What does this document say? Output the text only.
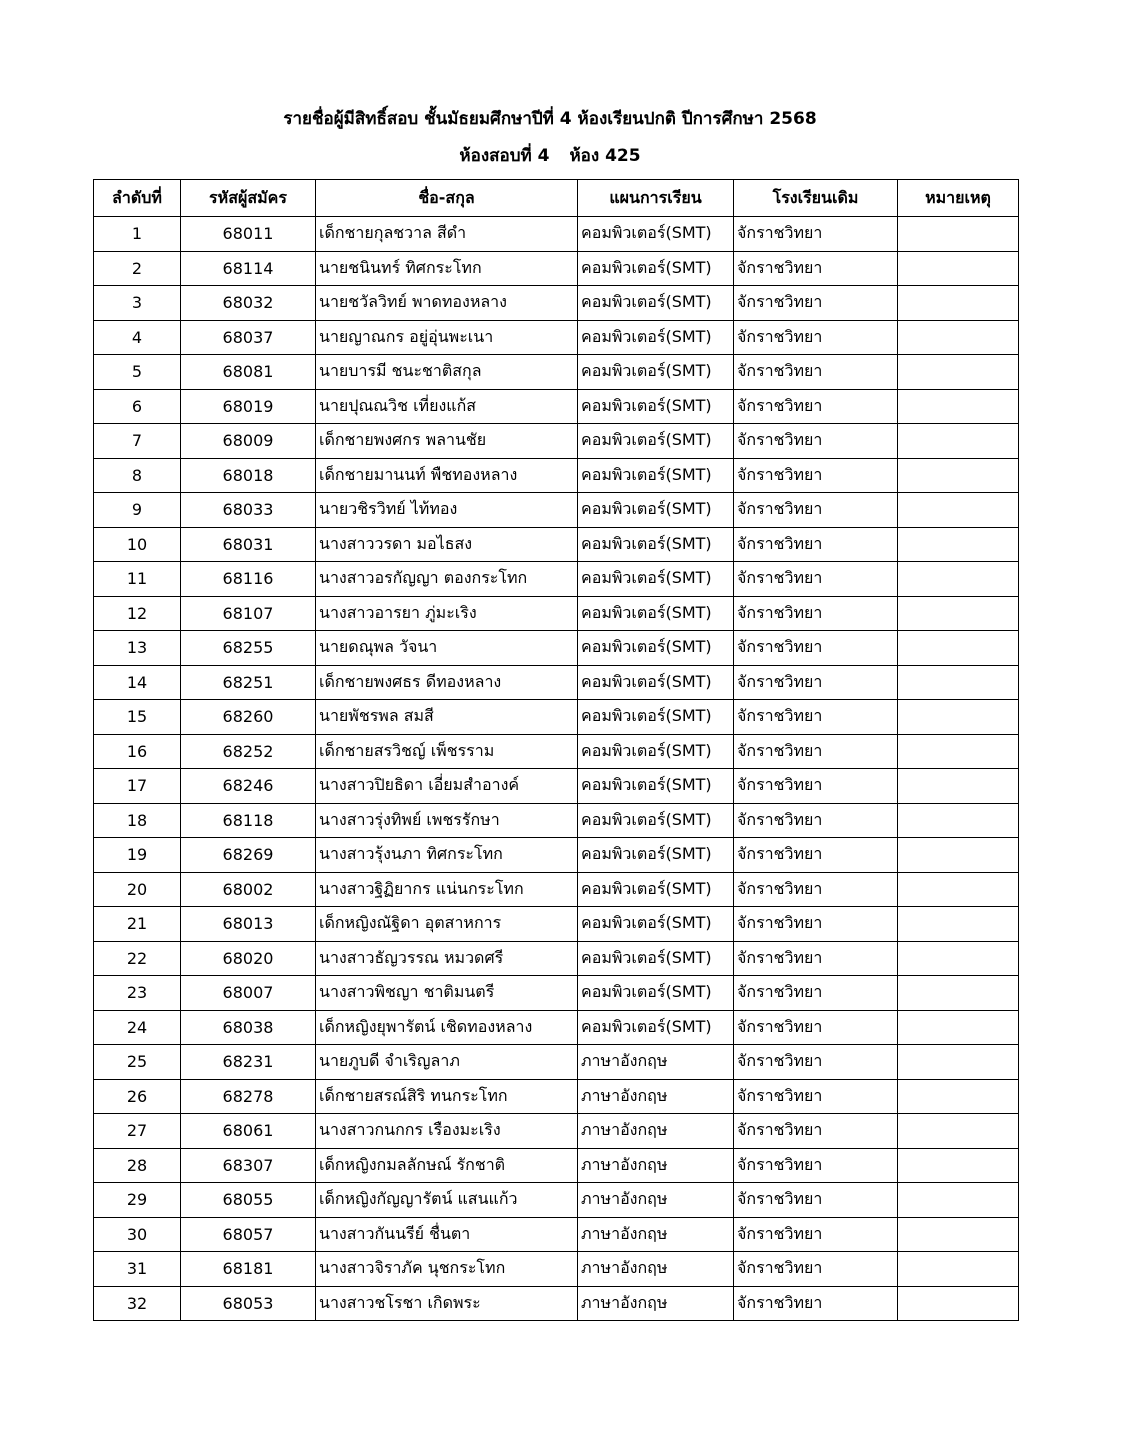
รายชื่อผู้มีสิทธิ์สอบ ชั้นมัธยมศึกษาปีที่ 4 ห้องเรียนปกติ ปีการศึกษา 2568
ห้องสอบที่ 4 ห้อง 425
ลำดับที่	รหัสผู้สมัคร	ชื่อ-สกุล	แผนการเรียน	โรงเรียนเดิม	หมายเหตุ
1	68011	เด็กชายกุลชวาล สีดำ	คอมพิวเตอร์(SMT)	จักราชวิทยา	
2	68114	นายชนินทร์ ทิศกระโทก	คอมพิวเตอร์(SMT)	จักราชวิทยา	
3	68032	นายชวัลวิทย์ พาดทองหลาง	คอมพิวเตอร์(SMT)	จักราชวิทยา	
4	68037	นายญาณกร อยู่อุ่นพะเนา	คอมพิวเตอร์(SMT)	จักราชวิทยา	
5	68081	นายบารมี ชนะชาติสกุล	คอมพิวเตอร์(SMT)	จักราชวิทยา	
6	68019	นายปุณณวิช เที่ยงแก้ส	คอมพิวเตอร์(SMT)	จักราชวิทยา	
7	68009	เด็กชายพงศกร พลานชัย	คอมพิวเตอร์(SMT)	จักราชวิทยา	
8	68018	เด็กชายมานนท์ พืชทองหลาง	คอมพิวเตอร์(SMT)	จักราชวิทยา	
9	68033	นายวชิรวิทย์ ไท้ทอง	คอมพิวเตอร์(SMT)	จักราชวิทยา	
10	68031	นางสาววรดา มอไธสง	คอมพิวเตอร์(SMT)	จักราชวิทยา	
11	68116	นางสาวอรกัญญา ตองกระโทก	คอมพิวเตอร์(SMT)	จักราชวิทยา	
12	68107	นางสาวอารยา ภู่มะเริง	คอมพิวเตอร์(SMT)	จักราชวิทยา	
13	68255	นายดณุพล วัจนา	คอมพิวเตอร์(SMT)	จักราชวิทยา	
14	68251	เด็กชายพงศธร ดีทองหลาง	คอมพิวเตอร์(SMT)	จักราชวิทยา	
15	68260	นายพัชรพล สมสี	คอมพิวเตอร์(SMT)	จักราชวิทยา	
16	68252	เด็กชายสรวิชญ์ เพ็ชรราม	คอมพิวเตอร์(SMT)	จักราชวิทยา	
17	68246	นางสาวปิยธิดา เอี่ยมสำอางค์	คอมพิวเตอร์(SMT)	จักราชวิทยา	
18	68118	นางสาวรุ่งทิพย์ เพชรรักษา	คอมพิวเตอร์(SMT)	จักราชวิทยา	
19	68269	นางสาวรุ้งนภา ทิศกระโทก	คอมพิวเตอร์(SMT)	จักราชวิทยา	
20	68002	นางสาวฐิฏิยากร แน่นกระโทก	คอมพิวเตอร์(SMT)	จักราชวิทยา	
21	68013	เด็กหญิงณัฐิดา อุตสาหการ	คอมพิวเตอร์(SMT)	จักราชวิทยา	
22	68020	นางสาวธัญวรรณ หมวดศรี	คอมพิวเตอร์(SMT)	จักราชวิทยา	
23	68007	นางสาวพิชญา ชาติมนตรี	คอมพิวเตอร์(SMT)	จักราชวิทยา	
24	68038	เด็กหญิงยุพารัตน์ เชิดทองหลาง	คอมพิวเตอร์(SMT)	จักราชวิทยา	
25	68231	นายภูบดี จำเริญลาภ	ภาษาอังกฤษ	จักราชวิทยา	
26	68278	เด็กชายสรณ์สิริ ทนกระโทก	ภาษาอังกฤษ	จักราชวิทยา	
27	68061	นางสาวกนกกร เรืองมะเริง	ภาษาอังกฤษ	จักราชวิทยา	
28	68307	เด็กหญิงกมลลักษณ์ รักชาติ	ภาษาอังกฤษ	จักราชวิทยา	
29	68055	เด็กหญิงกัญญารัตน์ แสนแก้ว	ภาษาอังกฤษ	จักราชวิทยา	
30	68057	นางสาวกันนรีย์ ชื่นตา	ภาษาอังกฤษ	จักราชวิทยา	
31	68181	นางสาวจิราภัค นุชกระโทก	ภาษาอังกฤษ	จักราชวิทยา	
32	68053	นางสาวชโรชา เกิดพระ	ภาษาอังกฤษ	จักราชวิทยา	
